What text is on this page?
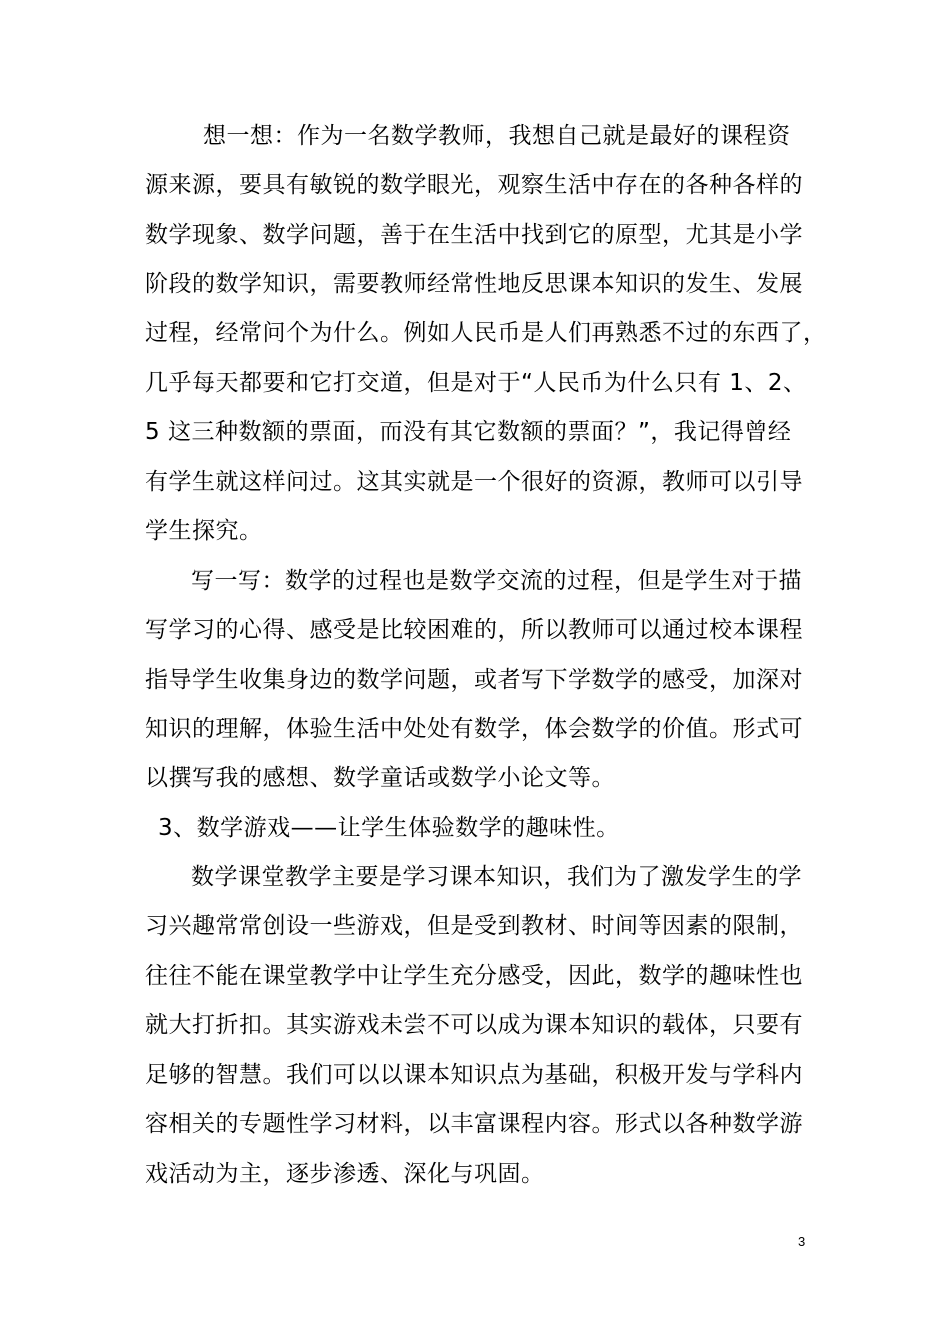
想一想：作为一名数学教师，我想自己就是最好的课程资
源来源，要具有敏锐的数学眼光，观察生活中存在的各种各样的
数学现象、数学问题，善于在生活中找到它的原型，尤其是小学
阶段的数学知识，需要教师经常性地反思课本知识的发生、发展
过程，经常问个为什么。例如人民币是人们再熟悉不过的东西了，
几乎每天都要和它打交道，但是对于“人民币为什么只有 1、2、
5 这三种数额的票面，而没有其它数额的票面？”，我记得曾经
有学生就这样问过。这其实就是一个很好的资源，教师可以引导
学生探究。
写一写：数学的过程也是数学交流的过程，但是学生对于描
写学习的心得、感受是比较困难的，所以教师可以通过校本课程
指导学生收集身边的数学问题，或者写下学数学的感受，加深对
知识的理解，体验生活中处处有数学，体会数学的价值。形式可
以撰写我的感想、数学童话或数学小论文等。
3、数学游戏——让学生体验数学的趣味性。
数学课堂教学主要是学习课本知识，我们为了激发学生的学
习兴趣常常创设一些游戏，但是受到教材、时间等因素的限制，
往往不能在课堂教学中让学生充分感受，因此，数学的趣味性也
就大打折扣。其实游戏未尝不可以成为课本知识的载体，只要有
足够的智慧。我们可以以课本知识点为基础，积极开发与学科内
容相关的专题性学习材料，以丰富课程内容。形式以各种数学游
戏活动为主，逐步渗透、深化与巩固。
3
